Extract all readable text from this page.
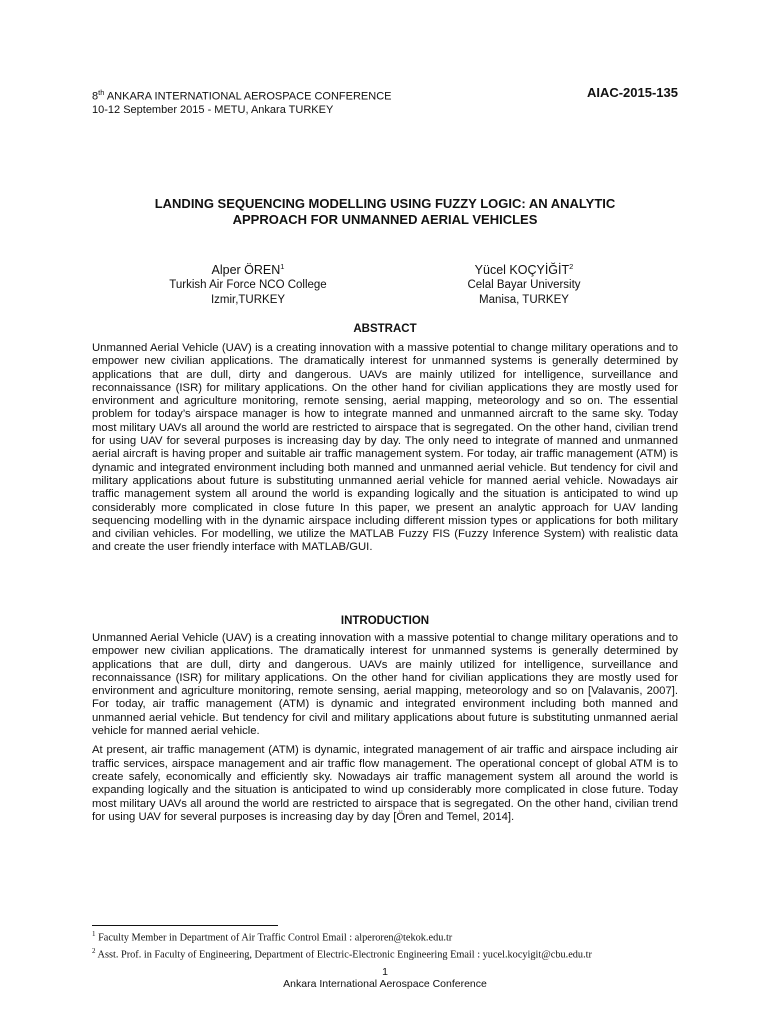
8th ANKARA INTERNATIONAL AEROSPACE CONFERENCE
10-12 September 2015 - METU, Ankara TURKEY
AIAC-2015-135
LANDING SEQUENCING MODELLING USING FUZZY LOGIC: AN ANALYTIC
APPROACH FOR UNMANNED AERIAL VEHICLES
Alper ÖREN$^1$
Turkish Air Force NCO College
Izmir,TURKEY
Yücel KOÇYİĞİT$^2$
Celal Bayar University
Manisa, TURKEY
ABSTRACT

Unmanned Aerial Vehicle (UAV) is a creating innovation with a massive potential to change military operations and to empower new civilian applications. The dramatically interest for unmanned systems is generally determined by applications that are dull, dirty and dangerous. UAVs are mainly utilized for intelligence, surveillance and reconnaissance (ISR) for military applications. On the other hand for civilian applications they are mostly used for environment and agriculture monitoring, remote sensing, aerial mapping, meteorology and so on. The essential problem for today’s airspace manager is how to integrate manned and unmanned aircraft to the same sky. Today most military UAVs all around the world are restricted to airspace that is segregated. On the other hand, civilian trend for using UAV for several purposes is increasing day by day. The only need to integrate of manned and unmanned aerial aircraft is having proper and suitable air traffic management system. For today, air traffic management (ATM) is dynamic and integrated environment including both manned and unmanned aerial vehicle. But tendency for civil and military applications about future is substituting unmanned aerial vehicle for manned aerial vehicle. Nowadays air traffic management system all around the world is expanding logically and the situation is anticipated to wind up considerably more complicated in close future In this paper, we present an analytic approach for UAV landing sequencing modelling with in the dynamic airspace including different mission types or applications for both military and civilian vehicles. For modelling, we utilize the MATLAB Fuzzy FIS (Fuzzy Inference System) with realistic data and create the user friendly interface with MATLAB/GUI.

INTRODUCTION

Unmanned Aerial Vehicle (UAV) is a creating innovation with a massive potential to change military operations and to empower new civilian applications. The dramatically interest for unmanned systems is generally determined by applications that are dull, dirty and dangerous. UAVs are mainly utilized for intelligence, surveillance and reconnaissance (ISR) for military applications. On the other hand for civilian applications they are mostly used for environment and agriculture monitoring, remote sensing, aerial mapping, meteorology and so on [Valavanis, 2007]. For today, air traffic management (ATM) is dynamic and integrated environment including both manned and unmanned aerial vehicle. But tendency for civil and military applications about future is substituting unmanned aerial vehicle for manned aerial vehicle.

At present, air traffic management (ATM) is dynamic, integrated management of air traffic and airspace including air traffic services, airspace management and air traffic flow management. The operational concept of global ATM is to create safely, economically and efficiently sky. Nowadays air traffic management system all around the world is expanding logically and the situation is anticipated to wind up considerably more complicated in close future. Today most military UAVs all around the world are restricted to airspace that is segregated. On the other hand, civilian trend for using UAV for several purposes is increasing day by day [Ören and Temel, 2014].

$^1$ Faculty Member in Department of Air Traffic Control Email : alperoren@tekok.edu.tr
$^2$ Asst. Prof. in Faculty of Engineering, Department of Electric-Electronic Engineering Email : yucel.kocyigit@cbu.edu.tr
1
Ankara International Aerospace Conference
